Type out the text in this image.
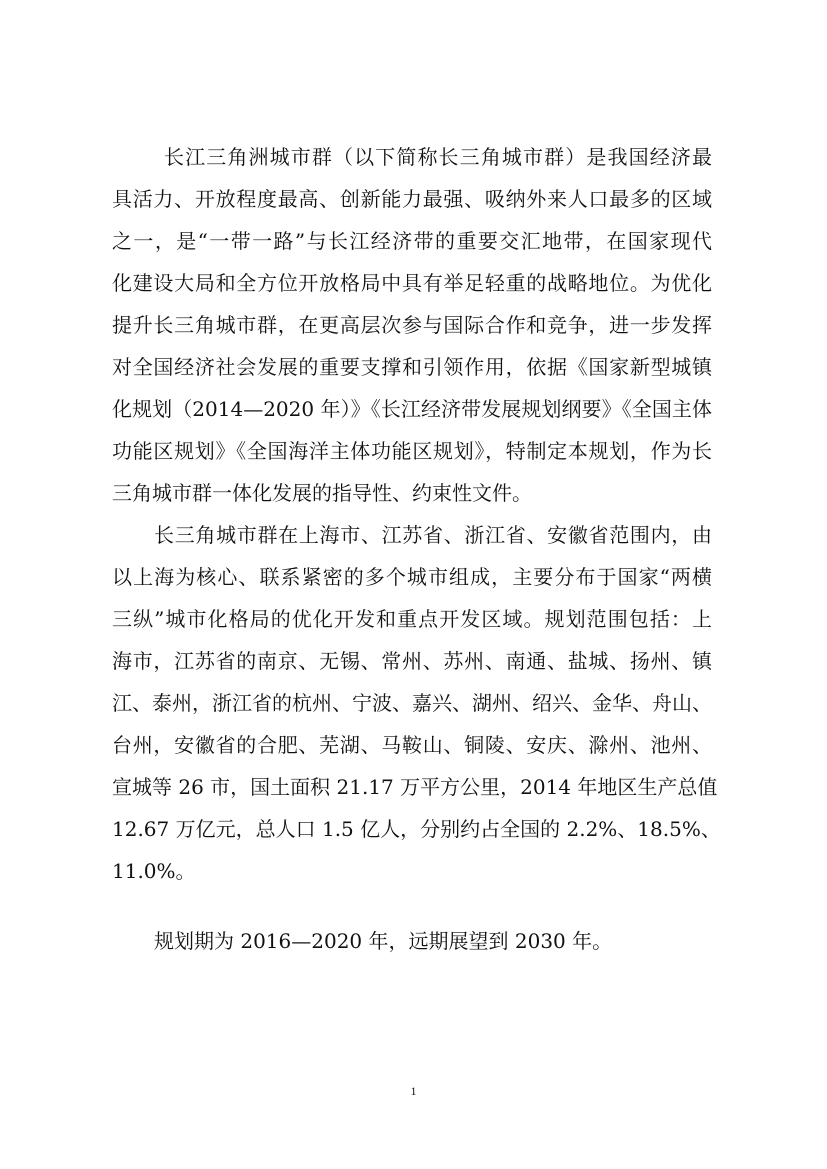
长江三角洲城市群（以下简称长三角城市群）是我国经济最
具活力、开放程度最高、创新能力最强、吸纳外来人口最多的区域
之一，是“一带一路”与长江经济带的重要交汇地带，在国家现代
化建设大局和全方位开放格局中具有举足轻重的战略地位。为优化
提升长三角城市群，在更高层次参与国际合作和竞争，进一步发挥
对全国经济社会发展的重要支撑和引领作用，依据《国家新型城镇
化规划（2014—2020 年）》《长江经济带发展规划纲要》《全国主体
功能区规划》《全国海洋主体功能区规划》，特制定本规划，作为长
三角城市群一体化发展的指导性、约束性文件。
长三角城市群在上海市、江苏省、浙江省、安徽省范围内，由
以上海为核心、联系紧密的多个城市组成，主要分布于国家“两横
三纵”城市化格局的优化开发和重点开发区域。规划范围包括：上
海市，江苏省的南京、无锡、常州、苏州、南通、盐城、扬州、镇
江、泰州，浙江省的杭州、宁波、嘉兴、湖州、绍兴、金华、舟山、
台州，安徽省的合肥、芜湖、马鞍山、铜陵、安庆、滁州、池州、
宣城等 26 市，国土面积 21.17 万平方公里，2014 年地区生产总值
12.67 万亿元，总人口 1.5 亿人，分别约占全国的 2.2%、18.5%、
11.0%。
规划期为 2016—2020 年，远期展望到 2030 年。
1
